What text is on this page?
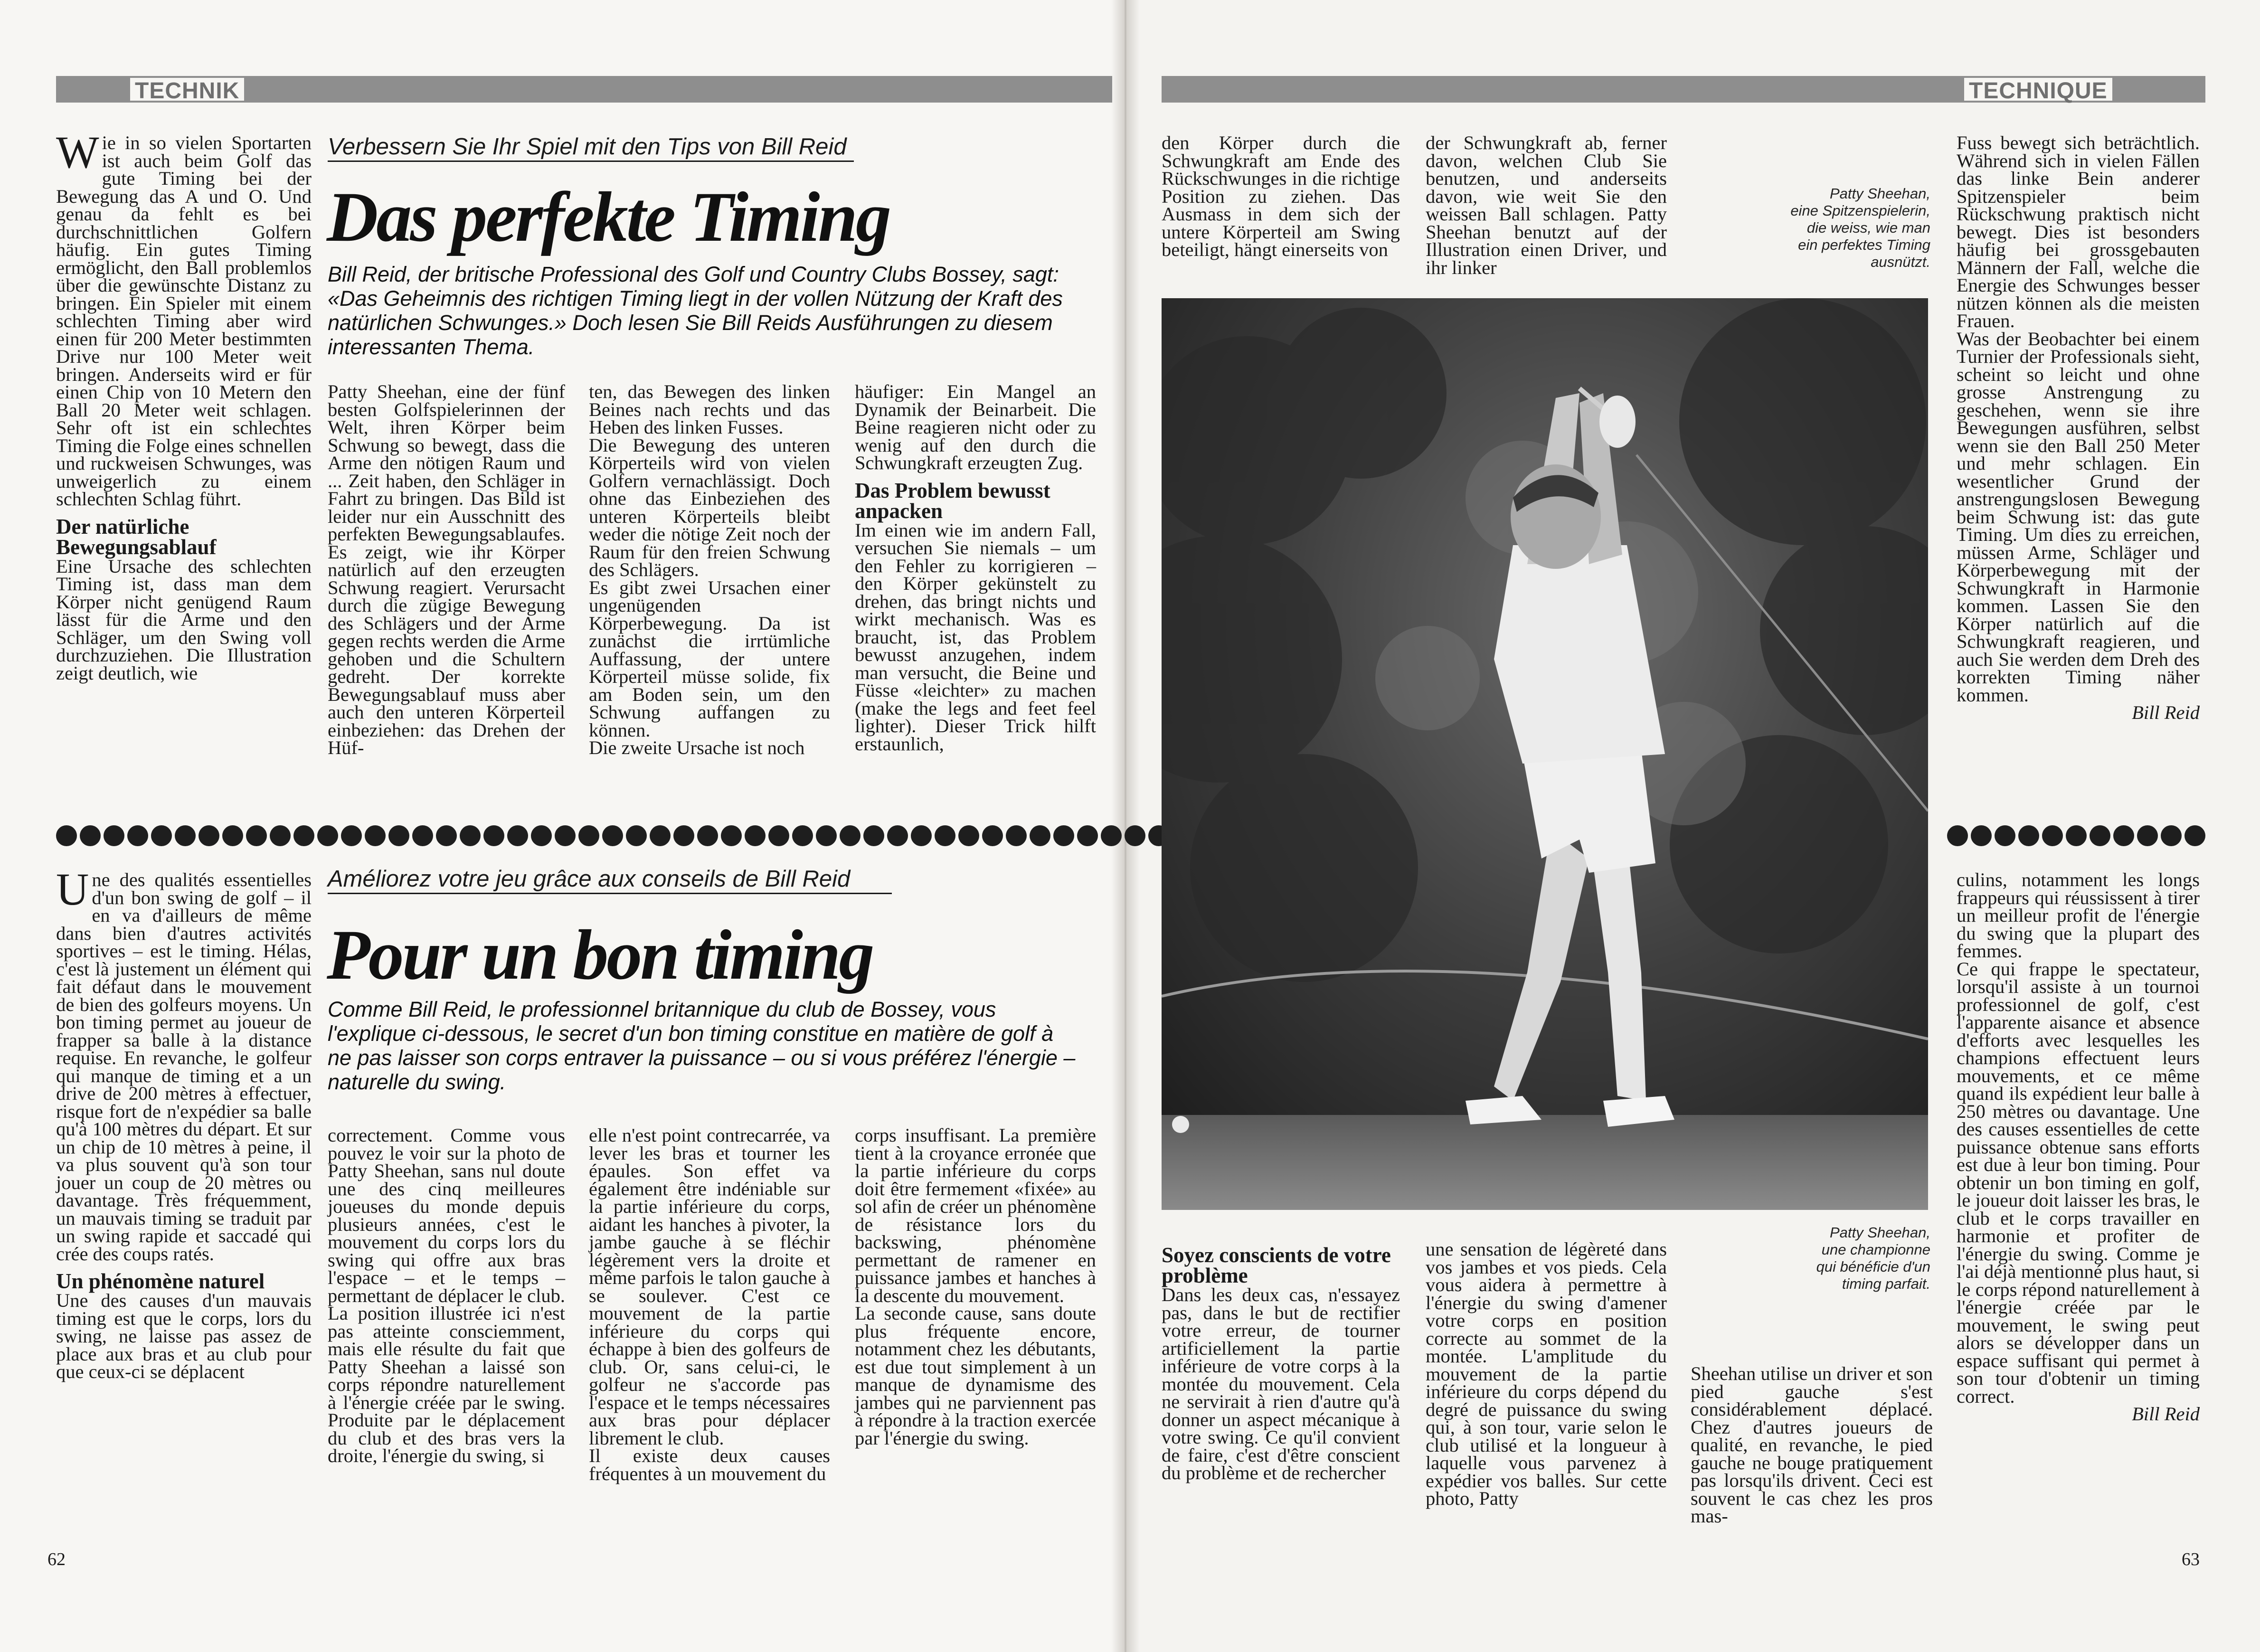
TECHNIK
Verbessern Sie Ihr Spiel mit den Tips von Bill Reid
Das perfekte Timing
Bill Reid, der britische Professional des Golf und Country Clubs Bossey, sagt: «Das Geheimnis des richtigen Timing liegt in der vollen Nützung der Kraft des natürlichen Schwunges.» Doch lesen Sie Bill Reids Ausführungen zu diesem interessanten Thema.

Wie in so vielen Sportarten ist auch beim Golf das gute Timing bei der Bewegung das A und O. Und genau da fehlt es bei durchschnittlichen Golfern häufig. Ein gutes Timing ermöglicht, den Ball problemlos über die gewünschte Distanz zu bringen. Ein Spieler mit einem schlechten Timing aber wird einen für 200 Meter bestimmten Drive nur 100 Meter weit bringen. Anderseits wird er für einen Chip von 10 Metern den Ball 20 Meter weit schlagen. Sehr oft ist ein schlechtes Timing die Folge eines schnellen und ruckweisen Schwunges, was unweigerlich zu einem schlechten Schlag führt.

Der natürliche Bewegungsablauf

Eine Ursache des schlechten Timing ist, dass man dem Körper nicht genügend Raum lässt für die Arme und den Schläger, um den Swing voll durchzuziehen. Die Illustration zeigt deutlich, wie

Patty Sheehan, eine der fünf besten Golfspielerinnen der Welt, ihren Körper beim Schwung so bewegt, dass die Arme den nötigen Raum und ... Zeit haben, den Schläger in Fahrt zu bringen. Das Bild ist leider nur ein Ausschnitt des perfekten Bewegungsablaufes. Es zeigt, wie ihr Körper natürlich auf den erzeugten Schwung reagiert. Verursacht durch die zügige Bewegung des Schlägers und der Arme gegen rechts werden die Arme gehoben und die Schultern gedreht. Der korrekte Bewegungsablauf muss aber auch den unteren Körperteil einbeziehen: das Drehen der Hüf-

ten, das Bewegen des linken Beines nach rechts und das Heben des linken Fusses.
Die Bewegung des unteren Körperteils wird von vielen Golfern vernachlässigt. Doch ohne das Einbeziehen des unteren Körperteils bleibt weder die nötige Zeit noch der Raum für den freien Schwung des Schlägers.
Es gibt zwei Ursachen einer ungenügenden Körperbewegung. Da ist zunächst die irrtümliche Auffassung, der untere Körperteil müsse solide, fix am Boden sein, um den Schwung auffangen zu können.
Die zweite Ursache ist noch

häufiger: Ein Mangel an Dynamik der Beinarbeit. Die Beine reagieren nicht oder zu wenig auf den durch die Schwungkraft erzeugten Zug.

Das Problem bewusst anpacken

Im einen wie im andern Fall, versuchen Sie niemals – um den Fehler zu korrigieren – den Körper gekünstelt zu drehen, das bringt nichts und wirkt mechanisch. Was es braucht, ist, das Problem bewusst anzugehen, indem man versucht, die Beine und Füsse «leichter» zu machen (make the legs and feet feel lighter). Dieser Trick hilft erstaunlich,

Améliorez votre jeu grâce aux conseils de Bill Reid
Pour un bon timing
Comme Bill Reid, le professionnel britannique du club de Bossey, vous l'explique ci-dessous, le secret d'un bon timing constitue en matière de golf à ne pas laisser son corps entraver la puissance – ou si vous préférez l'énergie – naturelle du swing.

Une des qualités essentielles d'un bon swing de golf – il en va d'ailleurs de même dans bien d'autres activités sportives – est le timing. Hélas, c'est là justement un élément qui fait défaut dans le mouvement de bien des golfeurs moyens. Un bon timing permet au joueur de frapper sa balle à la distance requise. En revanche, le golfeur qui manque de timing et a un drive de 200 mètres à effectuer, risque fort de n'expédier sa balle qu'à 100 mètres du départ. Et sur un chip de 10 mètres à peine, il va plus souvent qu'à son tour jouer un coup de 20 mètres ou davantage. Très fréquemment, un mauvais timing se traduit par un swing rapide et saccadé qui crée des coups ratés.

Un phénomène naturel

Une des causes d'un mauvais timing est que le corps, lors du swing, ne laisse pas assez de place aux bras et au club pour que ceux-ci se déplacent

correctement. Comme vous pouvez le voir sur la photo de Patty Sheehan, sans nul doute une des cinq meilleures joueuses du monde depuis plusieurs années, c'est le mouvement du corps lors du swing qui offre aux bras l'espace – et le temps – permettant de déplacer le club. La position illustrée ici n'est pas atteinte consciemment, mais elle résulte du fait que Patty Sheehan a laissé son corps répondre naturellement à l'énergie créée par le swing. Produite par le déplacement du club et des bras vers la droite, l'énergie du swing, si

elle n'est point contrecarrée, va lever les bras et tourner les épaules. Son effet va également être indéniable sur la partie inférieure du corps, aidant les hanches à pivoter, la jambe gauche à se fléchir légèrement vers la droite et même parfois le talon gauche à se soulever. C'est ce mouvement de la partie inférieure du corps qui échappe à bien des golfeurs de club. Or, sans celui-ci, le golfeur ne s'accorde pas l'espace et le temps nécessaires aux bras pour déplacer librement le club.
Il existe deux causes fréquentes à un mouvement du

corps insuffisant. La première tient à la croyance erronée que la partie inférieure du corps doit être fermement «fixée» au sol afin de créer un phénomène de résistance lors du backswing, phénomène permettant de ramener en puissance jambes et hanches à la descente du mouvement.
La seconde cause, sans doute plus fréquente encore, notamment chez les débutants, est due tout simplement à un manque de dynamisme des jambes qui ne parviennent pas à répondre à la traction exercée par l'énergie du swing.

62
TECHNIQUE

den Körper durch die Schwungkraft am Ende des Rückschwunges in die richtige Position zu ziehen. Das Ausmass in dem sich der untere Körperteil am Swing beteiligt, hängt einerseits von

der Schwungkraft ab, ferner davon, welchen Club Sie benutzen, und anderseits davon, wie weit Sie den weissen Ball schlagen. Patty Sheehan benutzt auf der Illustration einen Driver, und ihr linker

Patty Sheehan,
eine Spitzenspielerin,
die weiss, wie man
ein perfektes Timing
ausnützt.

Fuss bewegt sich beträchtlich. Während sich in vielen Fällen das linke Bein anderer Spitzenspieler beim Rückschwung praktisch nicht bewegt. Dies ist besonders häufig bei grossgebauten Männern der Fall, welche die Energie des Schwunges besser nützen können als die meisten Frauen.
Was der Beobachter bei einem Turnier der Professionals sieht, scheint so leicht und ohne grosse Anstrengung zu geschehen, wenn sie ihre Bewegungen ausführen, selbst wenn sie den Ball 250 Meter und mehr schlagen. Ein wesentlicher Grund der anstrengungslosen Bewegung beim Schwung ist: das gute Timing. Um dies zu erreichen, müssen Arme, Schläger und Körperbewegung mit der Schwungkraft in Harmonie kommen. Lassen Sie den Körper natürlich auf die Schwungkraft reagieren, und auch Sie werden dem Dreh des korrekten Timing näher kommen.

Bill Reid

Soyez conscients de votre problème

Dans les deux cas, n'essayez pas, dans le but de rectifier votre erreur, de tourner artificiellement la partie inférieure de votre corps à la montée du mouvement. Cela ne servirait à rien d'autre qu'à donner un aspect mécanique à votre swing. Ce qu'il convient de faire, c'est d'être conscient du problème et de rechercher

une sensation de légèreté dans vos jambes et vos pieds. Cela vous aidera à permettre à l'énergie du swing d'amener votre corps en position correcte au sommet de la montée. L'amplitude du mouvement de la partie inférieure du corps dépend du degré de puissance du swing qui, à son tour, varie selon le club utilisé et la longueur à laquelle vous parvenez à expédier vos balles. Sur cette photo, Patty

Patty Sheehan,
une championne
qui bénéficie d'un
timing parfait.

Sheehan utilise un driver et son pied gauche s'est considérablement déplacé. Chez d'autres joueurs de qualité, en revanche, le pied gauche ne bouge pratiquement pas lorsqu'ils drivent. Ceci est souvent le cas chez les pros mas-

culins, notamment les longs frappeurs qui réussissent à tirer un meilleur profit de l'énergie du swing que la plupart des femmes.
Ce qui frappe le spectateur, lorsqu'il assiste à un tournoi professionnel de golf, c'est l'apparente aisance et absence d'efforts avec lesquelles les champions effectuent leurs mouvements, et ce même quand ils expédient leur balle à 250 mètres ou davantage. Une des causes essentielles de cette puissance obtenue sans efforts est due à leur bon timing. Pour obtenir un bon timing en golf, le joueur doit laisser les bras, le club et le corps travailler en harmonie et profiter de l'énergie du swing. Comme je l'ai déjà mentionné plus haut, si le corps répond naturellement à l'énergie créée par le mouvement, le swing peut alors se développer dans un espace suffisant qui permet à son tour d'obtenir un timing correct.

Bill Reid

63
